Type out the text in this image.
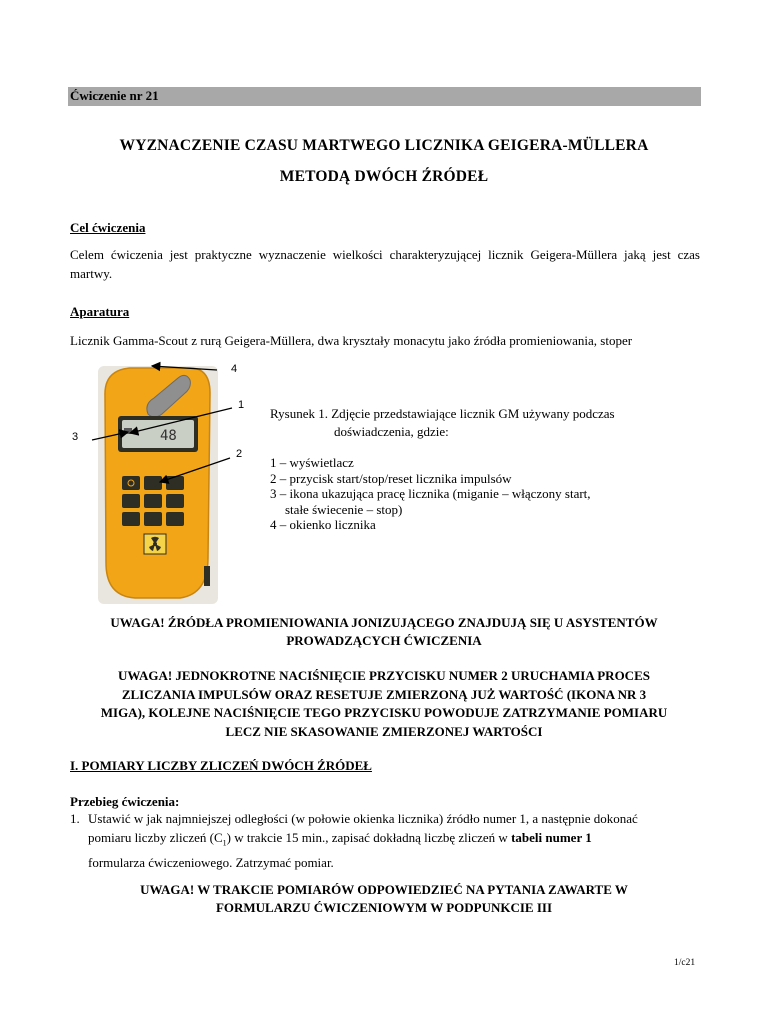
Ćwiczenie nr 21
WYZNACZENIE CZASU MARTWEGO LICZNIKA GEIGERA-MÜLLERA
METODĄ DWÓCH ŹRÓDEŁ
Cel ćwiczenia
Celem ćwiczenia jest praktyczne wyznaczenie wielkości charakteryzującej licznik Geigera-Müllera jaką jest czas martwy.
Aparatura
Licznik Gamma-Scout z rurą Geigera-Müllera, dwa kryształy monacytu jako źródła promieniowania, stoper
48
4
1
3
2
Rysunek 1. Zdjęcie przedstawiające licznik GM używany podczas
doświadczenia, gdzie:
1 – wyświetlacz
2 – przycisk start/stop/reset licznika impulsów
3 – ikona ukazująca pracę licznika (miganie – włączony start,
stałe świecenie – stop)
4 – okienko licznika
UWAGA! ŹRÓDŁA PROMIENIOWANIA JONIZUJĄCEGO ZNAJDUJĄ SIĘ U ASYSTENTÓW
PROWADZĄCYCH ĆWICZENIA
UWAGA! JEDNOKROTNE NACIŚNIĘCIE PRZYCISKU NUMER 2 URUCHAMIA PROCES
ZLICZANIA IMPULSÓW ORAZ RESETUJE ZMIERZONĄ JUŻ WARTOŚĆ (IKONA NR 3
MIGA), KOLEJNE NACIŚNIĘCIE TEGO PRZYCISKU POWODUJE ZATRZYMANIE POMIARU
LECZ NIE SKASOWANIE ZMIERZONEJ WARTOŚCI
I. POMIARY LICZBY ZLICZEŃ DWÓCH ŹRÓDEŁ
Przebieg ćwiczenia:
1. Ustawić w jak najmniejszej odległości (w połowie okienka licznika) źródło numer 1, a następnie dokonać
pomiaru liczby zliczeń $(C_1)$ w trakcie 15 min., zapisać dokładną liczbę zliczeń w tabeli numer 1
formularza ćwiczeniowego. Zatrzymać pomiar.
UWAGA! W TRAKCIE POMIARÓW ODPOWIEDZIEĆ NA PYTANIA ZAWARTE W
FORMULARZU ĆWICZENIOWYM W PODPUNKCIE III
1/c21
